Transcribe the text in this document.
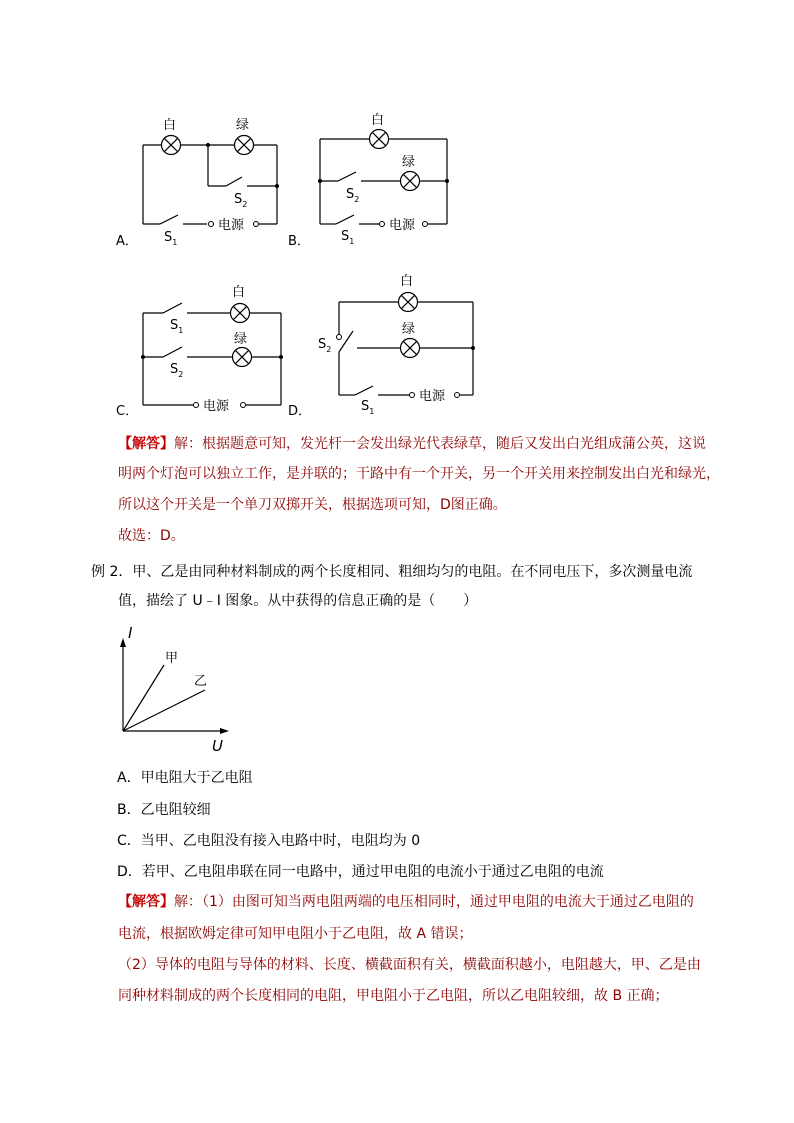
白	绿
$S_2$
$S_1$
电源
A．
白
绿
$S_2$
$S_1$
电源
B．
白
绿
$S_1$
$S_2$
电源
C．
白
绿
$S_2$
$S_1$
电源
D．
【解答】解：根据题意可知，发光杆一会发出绿光代表绿草，随后又发出白光组成蒲公英，这说
明两个灯泡可以独立工作，是并联的；干路中有一个开关，另一个开关用来控制发出白光和绿光，
所以这个开关是一个单刀双掷开关，根据选项可知，D图正确。
故选：D。
例 2．甲、乙是由同种材料制成的两个长度相同、粗细均匀的电阻。在不同电压下，多次测量电流
值，描绘了 U﹣I 图象。从中获得的信息正确的是（　　）
I
U
甲
乙
A．甲电阻大于乙电阻
B．乙电阻较细
C．当甲、乙电阻没有接入电路中时，电阻均为 0
D．若甲、乙电阻串联在同一电路中，通过甲电阻的电流小于通过乙电阻的电流
【解答】解：（1）由图可知当两电阻两端的电压相同时，通过甲电阻的电流大于通过乙电阻的
电流，根据欧姆定律可知甲电阻小于乙电阻，故 A 错误；
（2）导体的电阻与导体的材料、长度、横截面积有关，横截面积越小，电阻越大，甲、乙是由
同种材料制成的两个长度相同的电阻，甲电阻小于乙电阻，所以乙电阻较细，故 B 正确；
